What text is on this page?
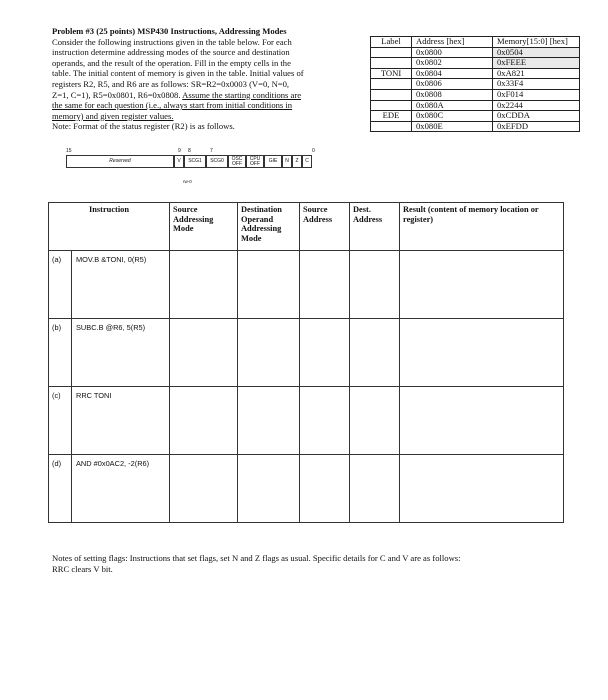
Problem #3 (25 points) MSP430 Instructions, Addressing Modes
Consider the following instructions given in the table below. For each
instruction determine addressing modes of the source and destination
operands, and the result of the operation. Fill in the empty cells in the
table. The initial content of memory is given in the table. Initial values of
registers R2, R5, and R6 are as follows: SR=R2=0x0003 (V=0, N=0,
Z=1, C=1), R5=0x0801, R6=0x0808. Assume the starting conditions are
the same for each question (i.e., always start from initial conditions in
memory) and given register values.
Note: Format of the status register (R2) is as follows.
Label	Address [hex]	Memory[15:0] [hex]
	0x0800	0x0504
	0x0802	0xFEEE
TONI	0x0804	0xA821
	0x0806	0x33F4
	0x0808	0xF014
	0x080A	0x2244
EDE	0x080C	0xCDDA
	0x080E	0xEFDD
15	9 8	7	0
Reserved	V	SCG1	SCG0	OSC OFF
CPU OFF	GIE	N	Z	C
rw-0
Instruction		Source Addressing Mode	Destination Operand Addressing Mode	Source Address	Dest. Address	Result (content of memory location or register)
(a)	MOV.B &TONI, 0(R5)					
(b)	SUBC.B @R6, 5(R5)					
(c)	RRC TONI					
(d)	AND #0x0AC2, -2(R6)					
Notes of setting flags: Instructions that set flags, set N and Z flags as usual. Specific details for C and V are as follows:
RRC clears V bit.
